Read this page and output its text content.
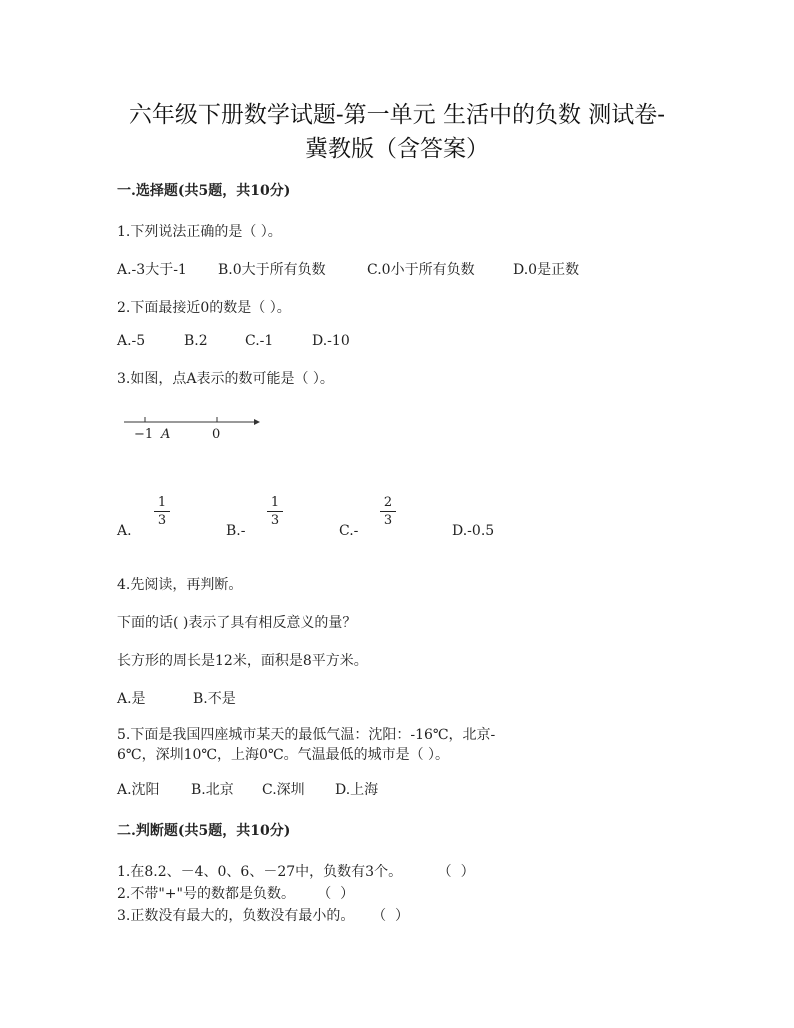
六年级下册数学试题-第一单元 生活中的负数 测试卷-
冀教版（含答案）
一.选择题(共5题，共10分)
1.下列说法正确的是（ ）。
A.-3大于-1 B.0大于所有负数	C.0小于所有负数	D.0是正数
2.下面最接近0的数是（ ）。
A.-5	B.2	C.-1	D.-10
3.如图，点A表示的数可能是（ ）。
−1 A	0
A.
1
3
B.-
1
3
C.-
2
3
D.-0.5
4.先阅读，再判断。
下面的话( )表示了具有相反意义的量？
长方形的周长是12米，面积是8平方米。
A.是	B.不是
5.下面是我国四座城市某天的最低气温：沈阳：-16℃，北京-
6℃，深圳10℃，上海0℃。气温最低的城市是（ ）。
A.沈阳 B.北京 C.深圳 D.上海
二.判断题(共5题，共10分)
1.在8.2、－4、0、6、－27中，负数有3个。        （  ）
2.不带"+"号的数都是负数。     （  ）
3.正数没有最大的，负数没有最小的。    （  ）
